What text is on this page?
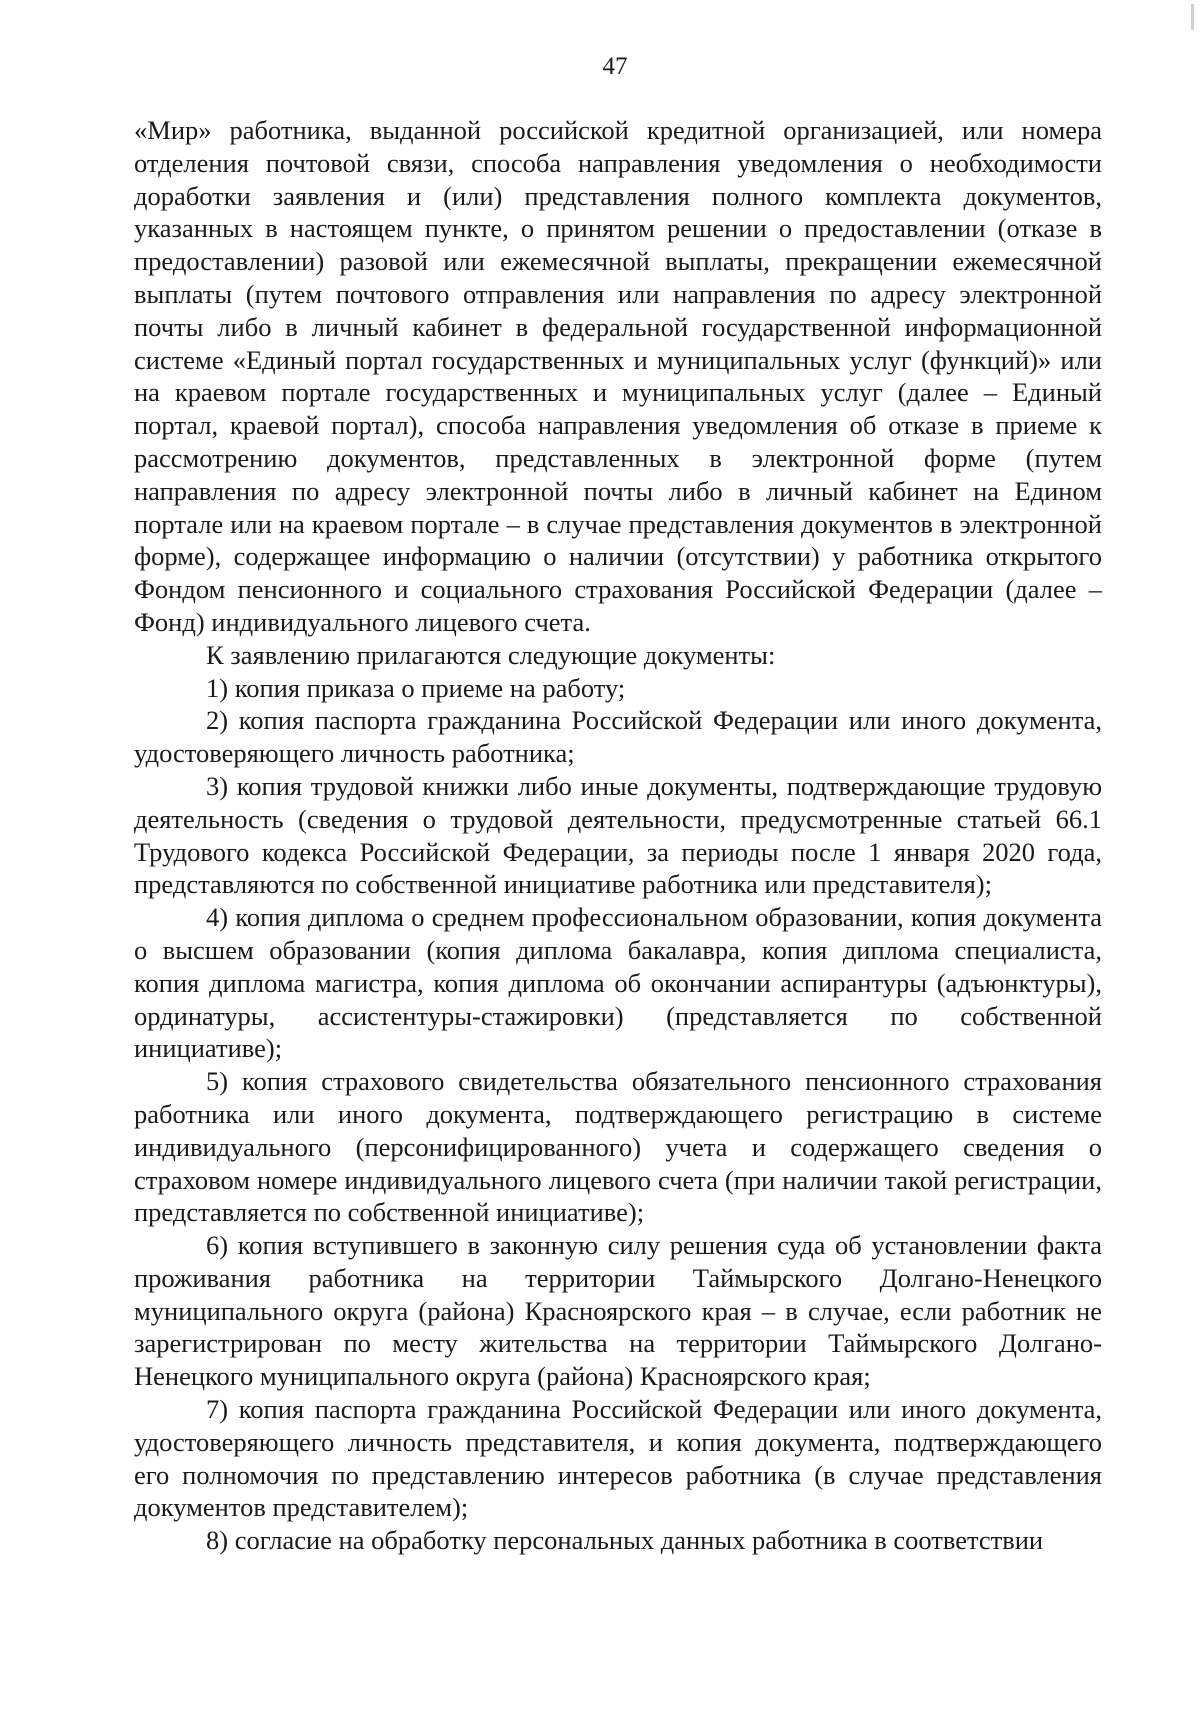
47

«Мир» работника, выданной российской кредитной организацией, или номера отделения почтовой связи, способа направления уведомления о необходимости доработки заявления и (или) представления полного комплекта документов, указанных в настоящем пункте, о принятом решении о предоставлении (отказе в предоставлении) разовой или ежемесячной выплаты, прекращении ежемесячной выплаты (путем почтового отправления или направления по адресу электронной почты либо в личный кабинет в федеральной государственной информационной системе «Единый портал государственных и муниципальных услуг (функций)» или на краевом портале государственных и муниципальных услуг (далее – Единый портал, краевой портал), способа направления уведомления об отказе в приеме к рассмотрению документов, представленных в электронной форме (путем направления по адресу электронной почты либо в личный кабинет на Едином портале или на краевом портале – в случае представления документов в электронной форме), содержащее информацию о наличии (отсутствии) у работника открытого Фондом пенсионного и социального страхования Российской Федерации (далее – Фонд) индивидуального лицевого счета.

К заявлению прилагаются следующие документы:

1) копия приказа о приеме на работу;

2) копия паспорта гражданина Российской Федерации или иного документа, удостоверяющего личность работника;

3) копия трудовой книжки либо иные документы, подтверждающие трудовую деятельность (сведения о трудовой деятельности, предусмотренные статьей 66.1 Трудового кодекса Российской Федерации, за периоды после 1 января 2020 года, представляются по собственной инициативе работника или представителя);

4) копия диплома о среднем профессиональном образовании, копия документа о высшем образовании (копия диплома бакалавра, копия диплома специалиста, копия диплома магистра, копия диплома об окончании аспирантуры (адъюнктуры), ординатуры, ассистентуры-стажировки) (представляется по собственной инициативе);

5) копия страхового свидетельства обязательного пенсионного страхования работника или иного документа, подтверждающего регистрацию в системе индивидуального (персонифицированного) учета и содержащего сведения о страховом номере индивидуального лицевого счета (при наличии такой регистрации, представляется по собственной инициативе);

6) копия вступившего в законную силу решения суда об установлении факта проживания работника на территории Таймырского Долгано-Ненецкого муниципального округа (района) Красноярского края – в случае, если работник не зарегистрирован по месту жительства на территории Таймырского Долгано-Ненецкого муниципального округа (района) Красноярского края;

7) копия паспорта гражданина Российской Федерации или иного документа, удостоверяющего личность представителя, и копия документа, подтверждающего его полномочия по представлению интересов работника (в случае представления документов представителем);

8) согласие на обработку персональных данных работника в соответствии
